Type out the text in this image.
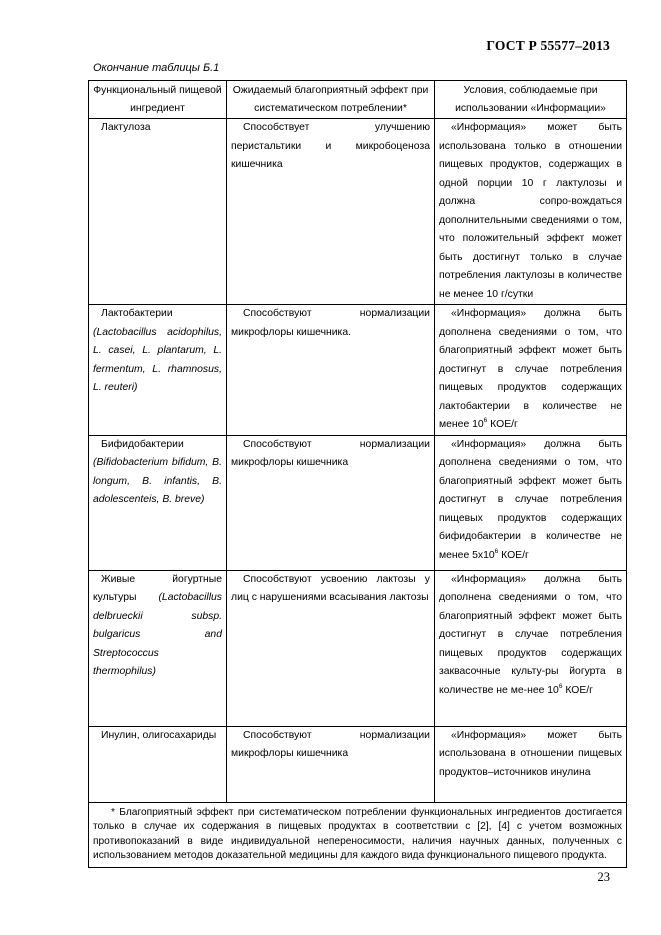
ГОСТ Р 55577–2013
Окончание таблицы Б.1
Функциональный пищевой ингредиент	Ожидаемый благоприятный эффект при систематическом потреблении*	Условия, соблюдаемые при использовании «Информации»

Лактулоза	Способствует улучшению перистальтики и микробоценоза кишечника	«Информация» может быть использована только в отношении пищевых продуктов, содержащих в одной порции 10 г лактулозы и должна сопро-вождаться дополнительными сведениями о том, что положительный эффект может быть достигнут только в случае потребления лактулозы в количестве не менее 10 г/сутки

Лактобактерии (Lactobacillus acidophilus, L. casei, L. plantarum, L. fermentum, L. rhamnosus, L. reuteri)	Способствуют нормализации микрофлоры кишечника.	«Информация» должна быть дополнена сведениями о том, что благоприятный эффект может быть достигнут в случае потребления пищевых продуктов содержащих лактобактерии в количестве не менее $10^6$ КОЕ/г

Бифидобактерии (Bifidobacterium bifidum, B. longum, B. infantis, B. adolescenteis, B. breve)	Способствуют нормализации микрофлоры кишечника	«Информация» должна быть дополнена сведениями о том, что благоприятный эффект может быть достигнут в случае потребления пищевых продуктов содержащих бифидобактерии в количестве не менее $5x10^6$ КОЕ/г

Живые йогуртные культуры (Lactobacillus delbrueckii subsp. bulgaricus and Streptococcus thermophilus)	Способствуют усвоению лактозы у лиц с нарушениями всасывания лактозы	«Информация» должна быть дополнена сведениями о том, что благоприятный эффект может быть достигнут в случае потребления пищевых продуктов содержащих заквасочные культу-ры йогурта в количестве не ме-нее $10^6$ КОЕ/г

Инулин, олигосахариды	Способствуют нормализации микрофлоры кишечника	«Информация» может быть использована в отношении пищевых продуктов–источников инулина

* Благоприятный эффект при систематическом потреблении функциональных ингредиентов достигается только в случае их содержания в пищевых продуктах в соответствии с [2], [4] с учетом возможных противопоказаний в виде индивидуальной непереносимости, наличия научных данных, полученных с использованием методов доказательной медицины для каждого вида функционального пищевого продукта.		
23
